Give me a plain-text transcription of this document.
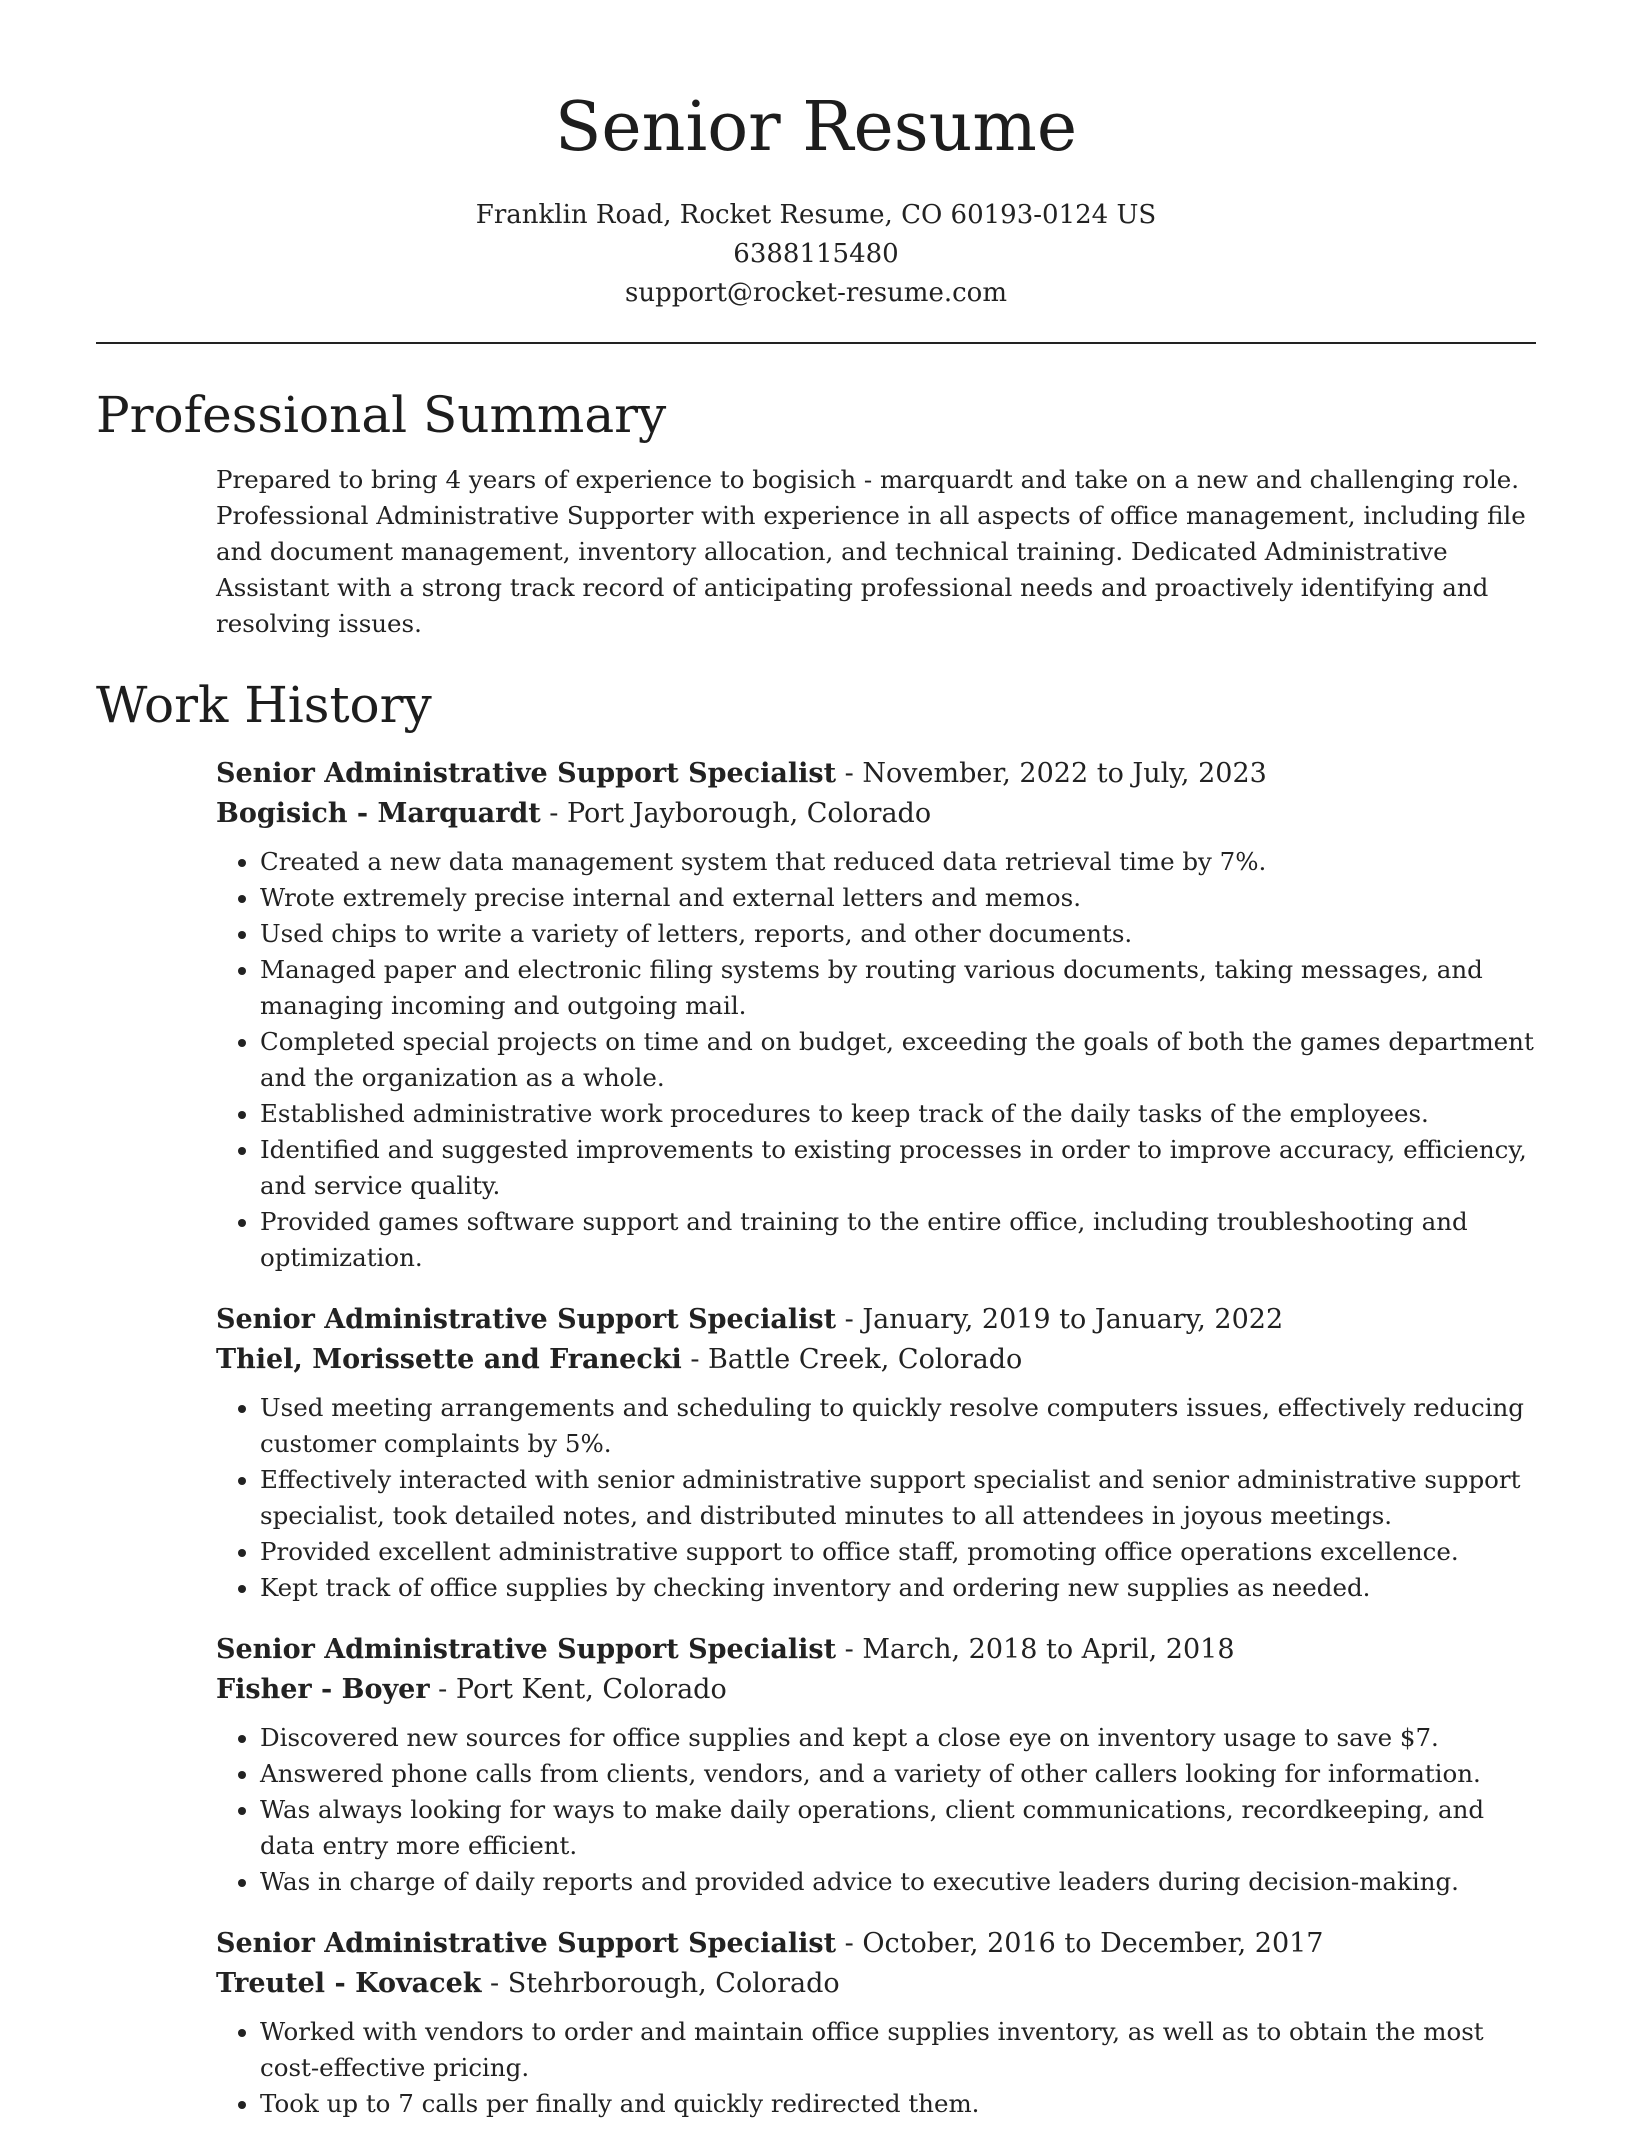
Senior Resume
Franklin Road, Rocket Resume, CO 60193-0124 US
6388115480
support@rocket-resume.com
Professional Summary

Prepared to bring 4 years of experience to bogisich - marquardt and take on a new and challenging role. Professional Administrative Supporter with experience in all aspects of office management, including file and document management, inventory allocation, and technical training. Dedicated Administrative Assistant with a strong track record of anticipating professional needs and proactively identifying and resolving issues.

Work History
Senior Administrative Support Specialist - November, 2022 to July, 2023
Bogisich - Marquardt - Port Jayborough, Colorado
• Created a new data management system that reduced data retrieval time by 7%.
• Wrote extremely precise internal and external letters and memos.
• Used chips to write a variety of letters, reports, and other documents.
• Managed paper and electronic filing systems by routing various documents, taking messages, and managing incoming and outgoing mail.
• Completed special projects on time and on budget, exceeding the goals of both the games department and the organization as a whole.
• Established administrative work procedures to keep track of the daily tasks of the employees.
• Identified and suggested improvements to existing processes in order to improve accuracy, efficiency, and service quality.
• Provided games software support and training to the entire office, including troubleshooting and optimization.
Senior Administrative Support Specialist - January, 2019 to January, 2022
Thiel, Morissette and Franecki - Battle Creek, Colorado
• Used meeting arrangements and scheduling to quickly resolve computers issues, effectively reducing customer complaints by 5%.
• Effectively interacted with senior administrative support specialist and senior administrative support specialist, took detailed notes, and distributed minutes to all attendees in joyous meetings.
• Provided excellent administrative support to office staff, promoting office operations excellence.
• Kept track of office supplies by checking inventory and ordering new supplies as needed.
Senior Administrative Support Specialist - March, 2018 to April, 2018
Fisher - Boyer - Port Kent, Colorado
• Discovered new sources for office supplies and kept a close eye on inventory usage to save $7.
• Answered phone calls from clients, vendors, and a variety of other callers looking for information.
• Was always looking for ways to make daily operations, client communications, recordkeeping, and data entry more efficient.
• Was in charge of daily reports and provided advice to executive leaders during decision-making.
Senior Administrative Support Specialist - October, 2016 to December, 2017
Treutel - Kovacek - Stehrborough, Colorado
• Worked with vendors to order and maintain office supplies inventory, as well as to obtain the most cost-effective pricing.
• Took up to 7 calls per finally and quickly redirected them.
